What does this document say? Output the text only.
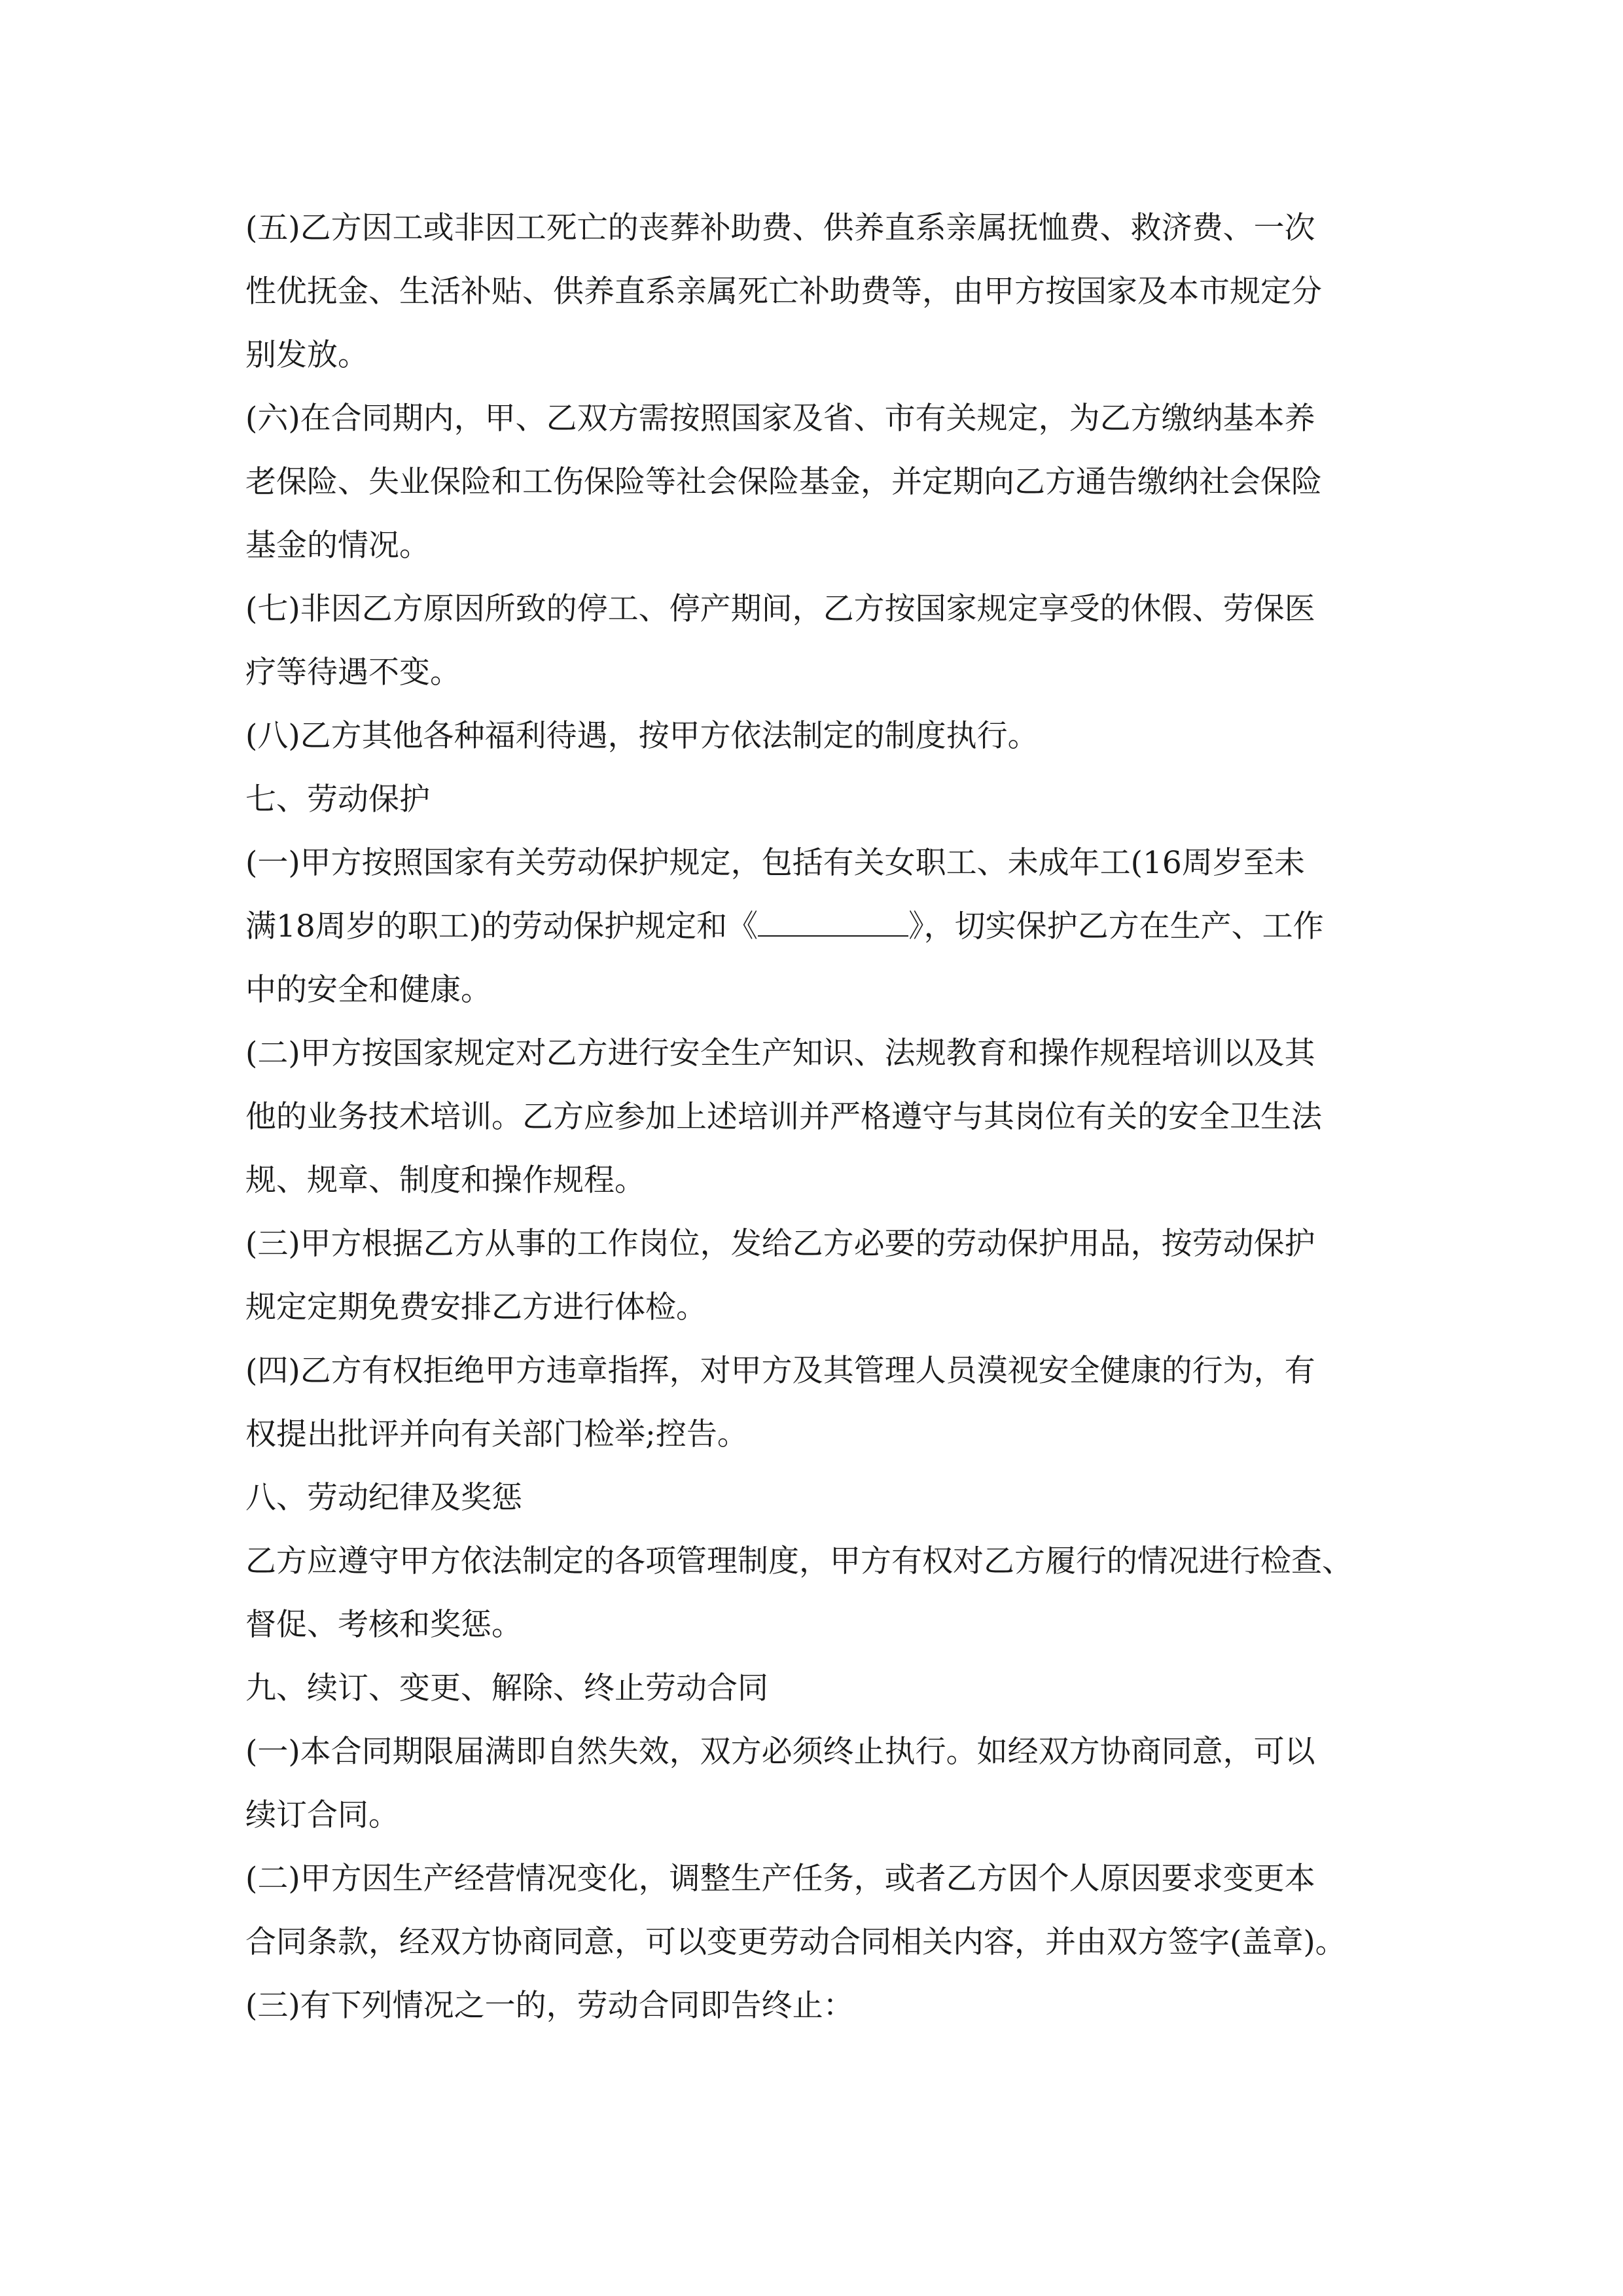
(五)乙方因工或非因工死亡的丧葬补助费、供养直系亲属抚恤费、救济费、一次
性优抚金、生活补贴、供养直系亲属死亡补助费等，由甲方按国家及本市规定分
别发放。
(六)在合同期内，甲、乙双方需按照国家及省、市有关规定，为乙方缴纳基本养
老保险、失业保险和工伤保险等社会保险基金，并定期向乙方通告缴纳社会保险
基金的情况。
(七)非因乙方原因所致的停工、停产期间，乙方按国家规定享受的休假、劳保医
疗等待遇不变。
(八)乙方其他各种福利待遇，按甲方依法制定的制度执行。
七、劳动保护
(一)甲方按照国家有关劳动保护规定，包括有关女职工、未成年工(16周岁至未
满18周岁的职工)的劳动保护规定和《	》，切实保护乙方在生产、工作
中的安全和健康。
(二)甲方按国家规定对乙方进行安全生产知识、法规教育和操作规程培训以及其
他的业务技术培训。乙方应参加上述培训并严格遵守与其岗位有关的安全卫生法
规、规章、制度和操作规程。
(三)甲方根据乙方从事的工作岗位，发给乙方必要的劳动保护用品，按劳动保护
规定定期免费安排乙方进行体检。
(四)乙方有权拒绝甲方违章指挥，对甲方及其管理人员漠视安全健康的行为，有
权提出批评并向有关部门检举;控告。
八、劳动纪律及奖惩
乙方应遵守甲方依法制定的各项管理制度，甲方有权对乙方履行的情况进行检查、
督促、考核和奖惩。
九、续订、变更、解除、终止劳动合同
(一)本合同期限届满即自然失效，双方必须终止执行。如经双方协商同意，可以
续订合同。
(二)甲方因生产经营情况变化，调整生产任务，或者乙方因个人原因要求变更本
合同条款，经双方协商同意，可以变更劳动合同相关内容，并由双方签字(盖章)。
(三)有下列情况之一的，劳动合同即告终止：
